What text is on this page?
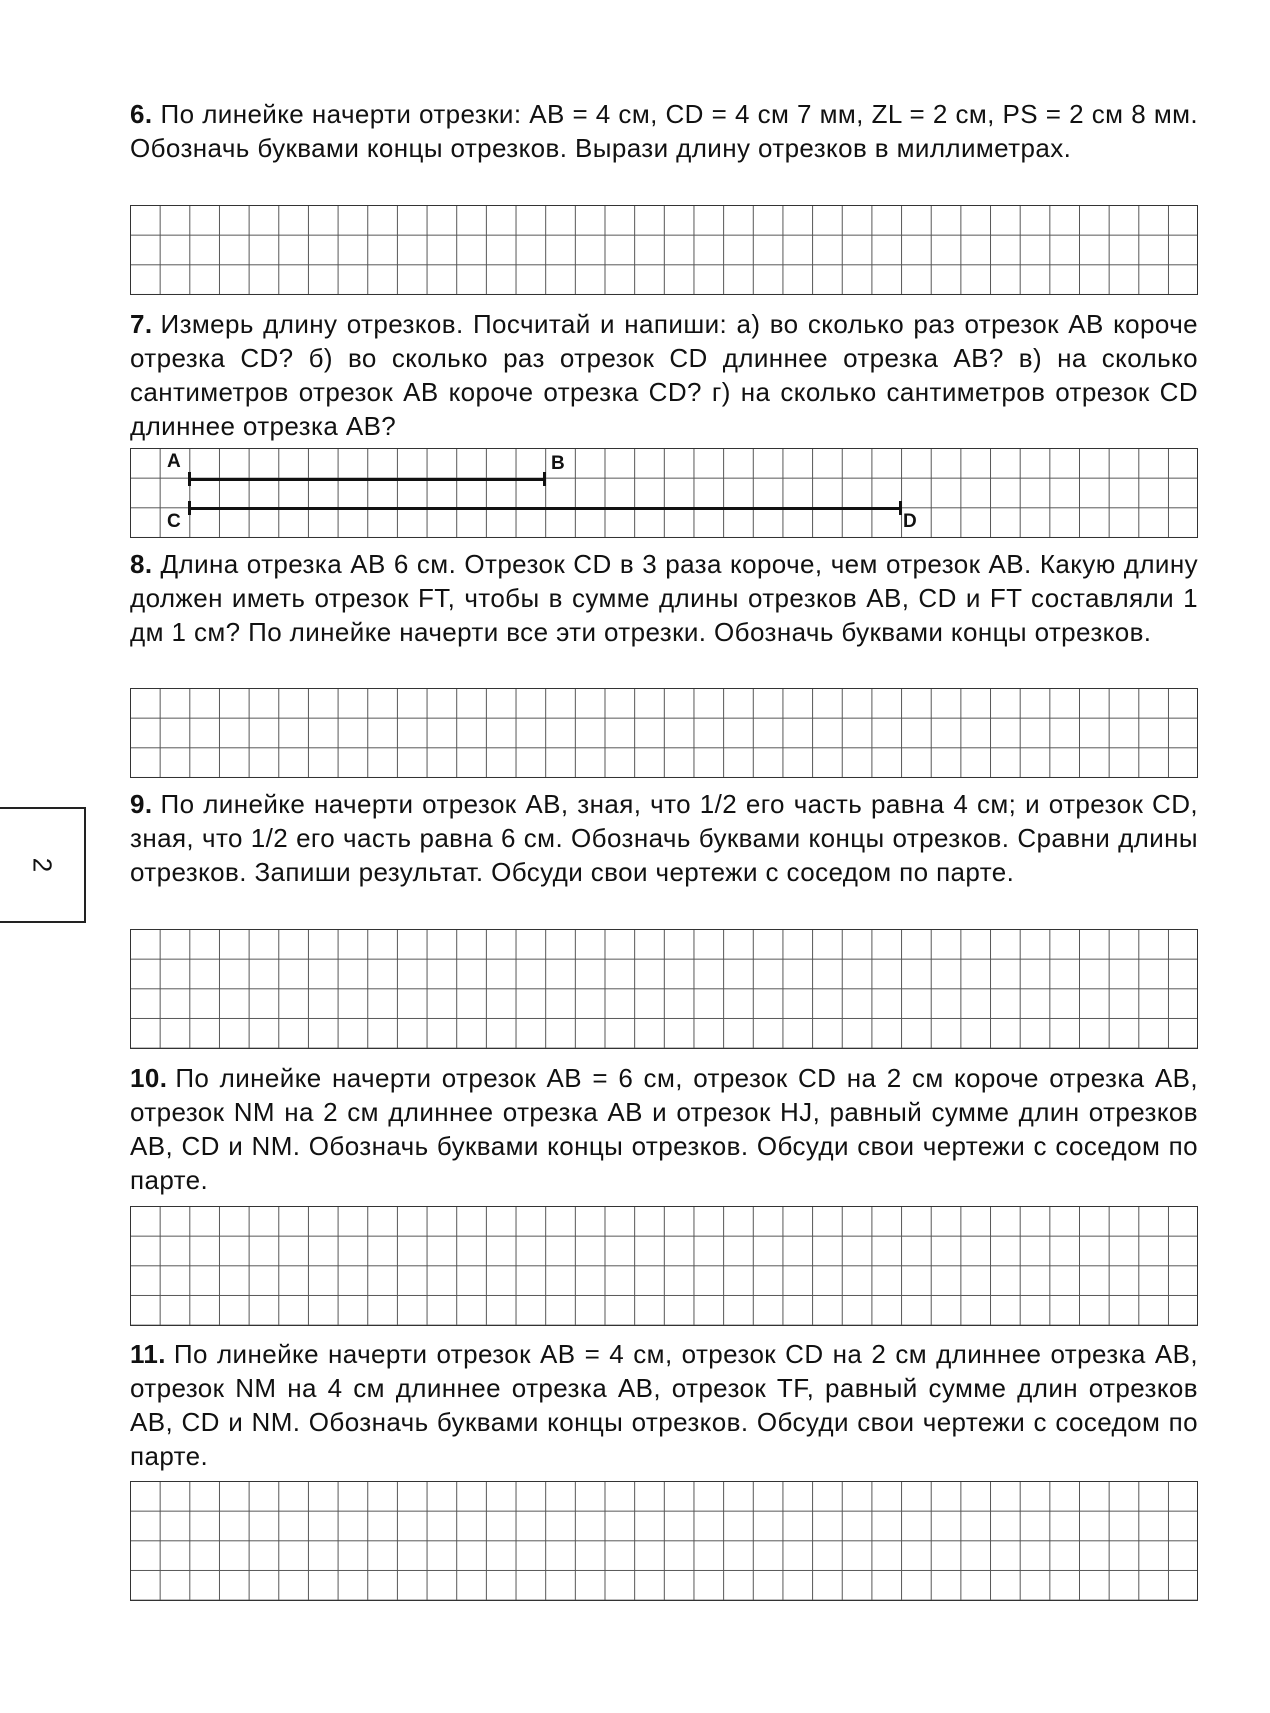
6. По линейке начерти отрезки: AB = 4 см, CD = 4 см 7 мм, ZL = 2 см, PS = 2 см 8 мм. Обозначь буквами концы отрезков. Вырази длину отрезков в миллиметрах.
7. Измерь длину отрезков. Посчитай и напиши: а) во сколько раз отрезок AB короче отрезка CD? б) во сколько раз отрезок CD длиннее отрезка AB? в) на сколько сантиметров отрезок AB короче отрезка CD? г) на сколько сантиметров отрезок CD длиннее отрезка AB?
A	B
C	D
8. Длина отрезка AB 6 см. Отрезок CD в 3 раза короче, чем отрезок AB. Какую длину должен иметь отрезок FT, чтобы в сумме длины отрезков AB, CD и FT составляли 1 дм 1 см? По линейке начерти все эти отрезки. Обозначь буквами концы отрезков.
9. По линейке начерти отрезок AB, зная, что 1/2 его часть равна 4 см; и отрезок CD, зная, что 1/2 его часть равна 6 см. Обозначь буквами концы отрезков. Сравни длины отрезков. Запиши результат. Обсуди свои чертежи с соседом по парте.
10. По линейке начерти отрезок AB = 6 см, отрезок CD на 2 см короче отрезка AB, отрезок NM на 2 см длиннее отрезка AB и отрезок HJ, равный сумме длин отрезков AB, CD и NM. Обозначь буквами концы отрезков. Обсуди свои чертежи с соседом по парте.
11. По линейке начерти отрезок AB = 4 см, отрезок CD на 2 см длиннее отрезка AB, отрезок NM на 4 см длиннее отрезка AB, отрезок TF, равный сумме длин отрезков AB, CD и NM. Обозначь буквами концы отрезков. Обсуди свои чертежи с соседом по парте.
2
